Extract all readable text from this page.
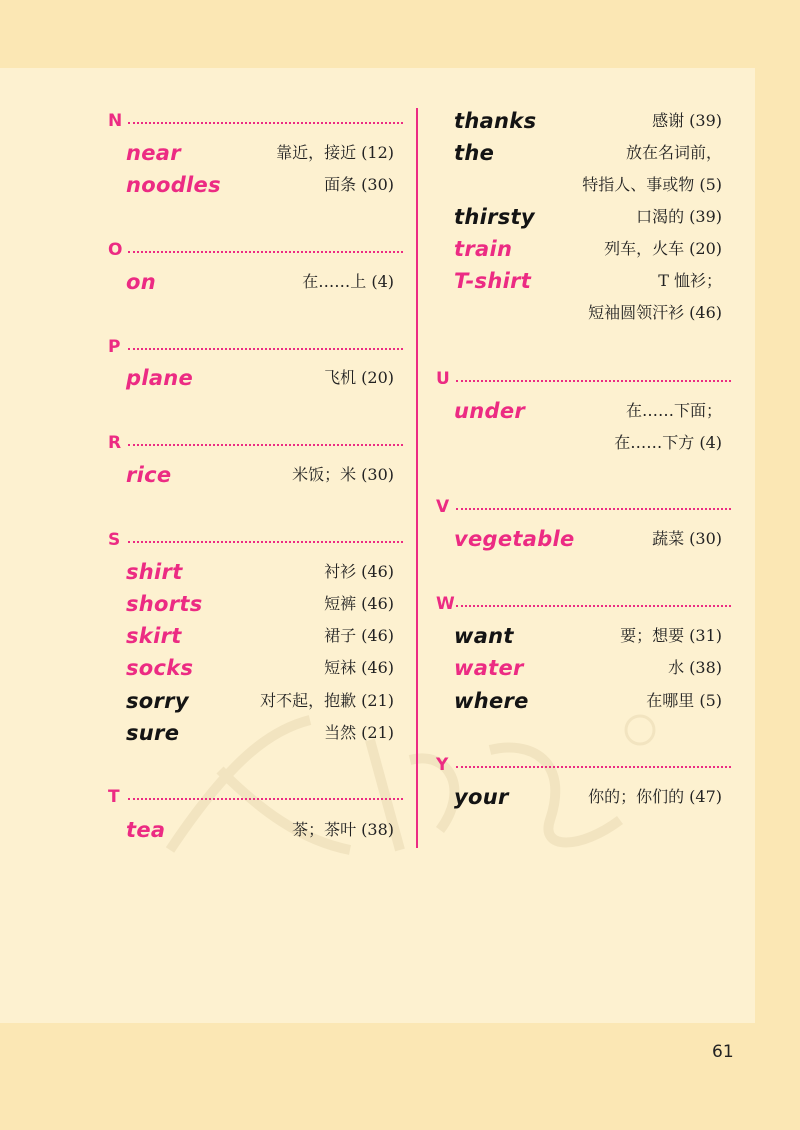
N
near	靠近，接近 (12)
noodles	面条 (30)
O
on	在……上 (4)
P
plane	飞机 (20)
R
rice	米饭；米 (30)
S
shirt	衬衫 (46)
shorts	短裤 (46)
skirt	裙子 (46)
socks	短袜 (46)
sorry	对不起，抱歉 (21)
sure	当然 (21)
T
tea	茶；茶叶 (38)
thanks	感谢 (39)
the	放在名词前，
特指人、事或物 (5)
thirsty	口渴的 (39)
train	列车，火车 (20)
T-shirt	T 恤衫；
短袖圆领汗衫 (46)
U
under	在……下面；
在……下方 (4)
V
vegetable	蔬菜 (30)
W
want	要；想要 (31)
water	水 (38)
where	在哪里 (5)
Y
your	你的；你们的 (47)
61
